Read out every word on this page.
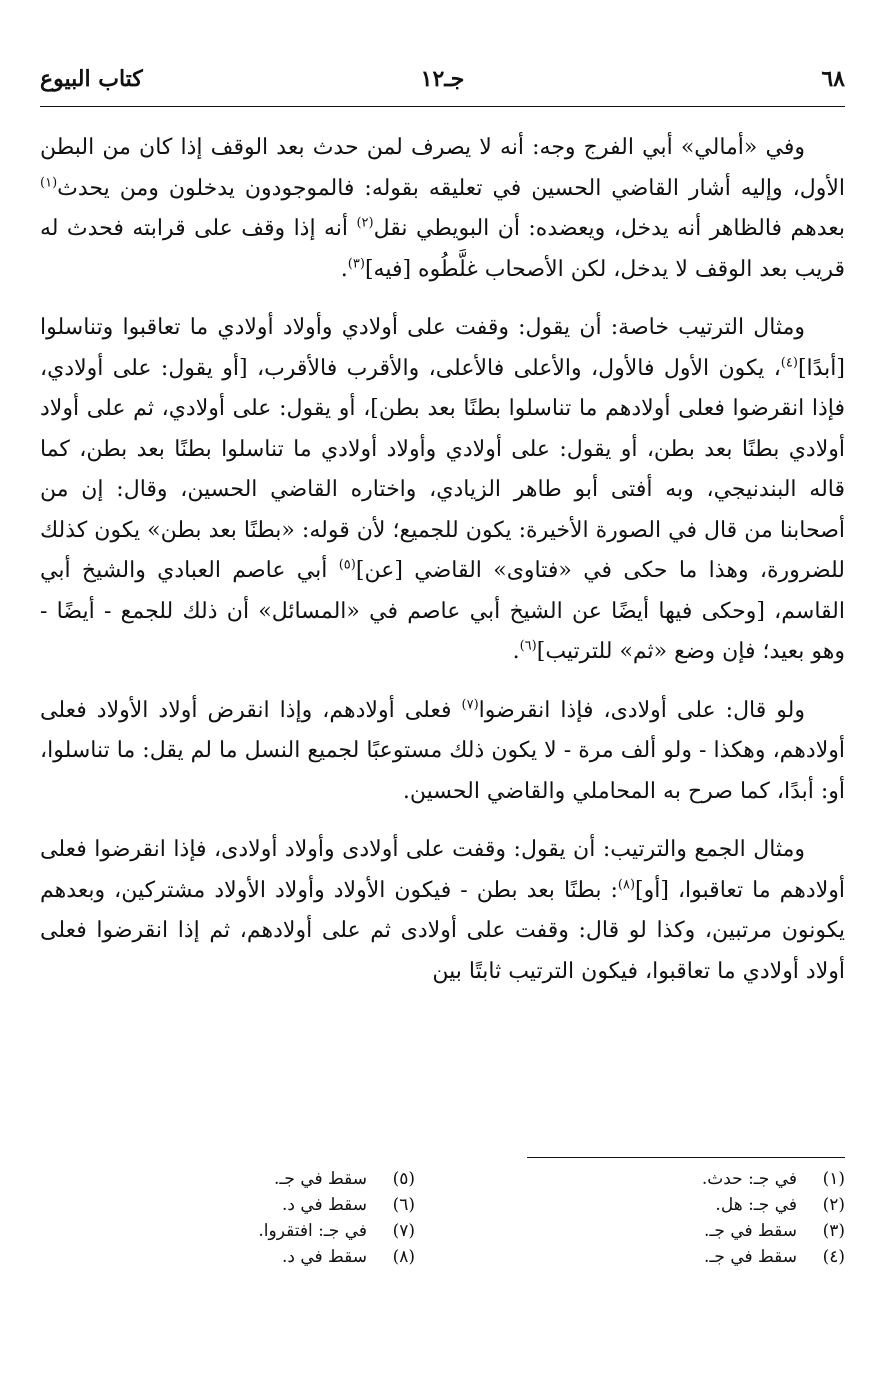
٦٨
جـ١٢
كتاب البيوع

وفي «أمالي» أبي الفرج وجه: أنه لا يصرف لمن حدث بعد الوقف إذا كان من البطن الأول، وإليه أشار القاضي الحسين في تعليقه بقوله: فالموجودون يدخلون ومن يحدث$^{(١)}$ بعدهم فالظاهر أنه يدخل، ويعضده: أن البويطي نقل$^{(٢)}$ أنه إذا وقف على قرابته فحدث له قريب بعد الوقف لا يدخل، لكن الأصحاب غلَّطُوه [فيه]$^{(٣)}$.

ومثال الترتيب خاصة: أن يقول: وقفت على أولادي وأولاد أولادي ما تعاقبوا وتناسلوا [أبدًا]$^{(٤)}$، يكون الأول فالأول، والأعلى فالأعلى، والأقرب فالأقرب، [أو يقول: على أولادي، فإذا انقرضوا فعلى أولادهم ما تناسلوا بطنًا بعد بطن]، أو يقول: على أولادي، ثم على أولاد أولادي بطنًا بعد بطن، أو يقول: على أولادي وأولاد أولادي ما تناسلوا بطنًا بعد بطن، كما قاله البندنيجي، وبه أفتى أبو طاهر الزيادي، واختاره القاضي الحسين، وقال: إن من أصحابنا من قال في الصورة الأخيرة: يكون للجميع؛ لأن قوله: «بطنًا بعد بطن» يكون كذلك للضرورة، وهذا ما حكى في «فتاوى» القاضي [عن]$^{(٥)}$ أبي عاصم العبادي والشيخ أبي القاسم، [وحكى فيها أيضًا عن الشيخ أبي عاصم في «المسائل» أن ذلك للجمع - أيضًا - وهو بعيد؛ فإن وضع «ثم» للترتيب]$^{(٦)}$.

ولو قال: على أولادى، فإذا انقرضوا$^{(٧)}$ فعلى أولادهم، وإذا انقرض أولاد الأولاد فعلى أولادهم، وهكذا - ولو ألف مرة - لا يكون ذلك مستوعبًا لجميع النسل ما لم يقل: ما تناسلوا، أو: أبدًا، كما صرح به المحاملي والقاضي الحسين.

ومثال الجمع والترتيب: أن يقول: وقفت على أولادى وأولاد أولادى، فإذا انقرضوا فعلى أولادهم ما تعاقبوا، [أو]$^{(٨)}$: بطنًا بعد بطن - فيكون الأولاد وأولاد الأولاد مشتركين، وبعدهم يكونون مرتبين، وكذا لو قال: وقفت على أولادى ثم على أولادهم، ثم إذا انقرضوا فعلى أولاد أولادي ما تعاقبوا، فيكون الترتيب ثابتًا بين

(١)في جـ: حدث.
(٢)في جـ: هل.
(٣)سقط في جـ.
(٤)سقط في جـ.
(٥)سقط في جـ.
(٦)سقط في د.
(٧)في جـ: افتقروا.
(٨)سقط في د.
